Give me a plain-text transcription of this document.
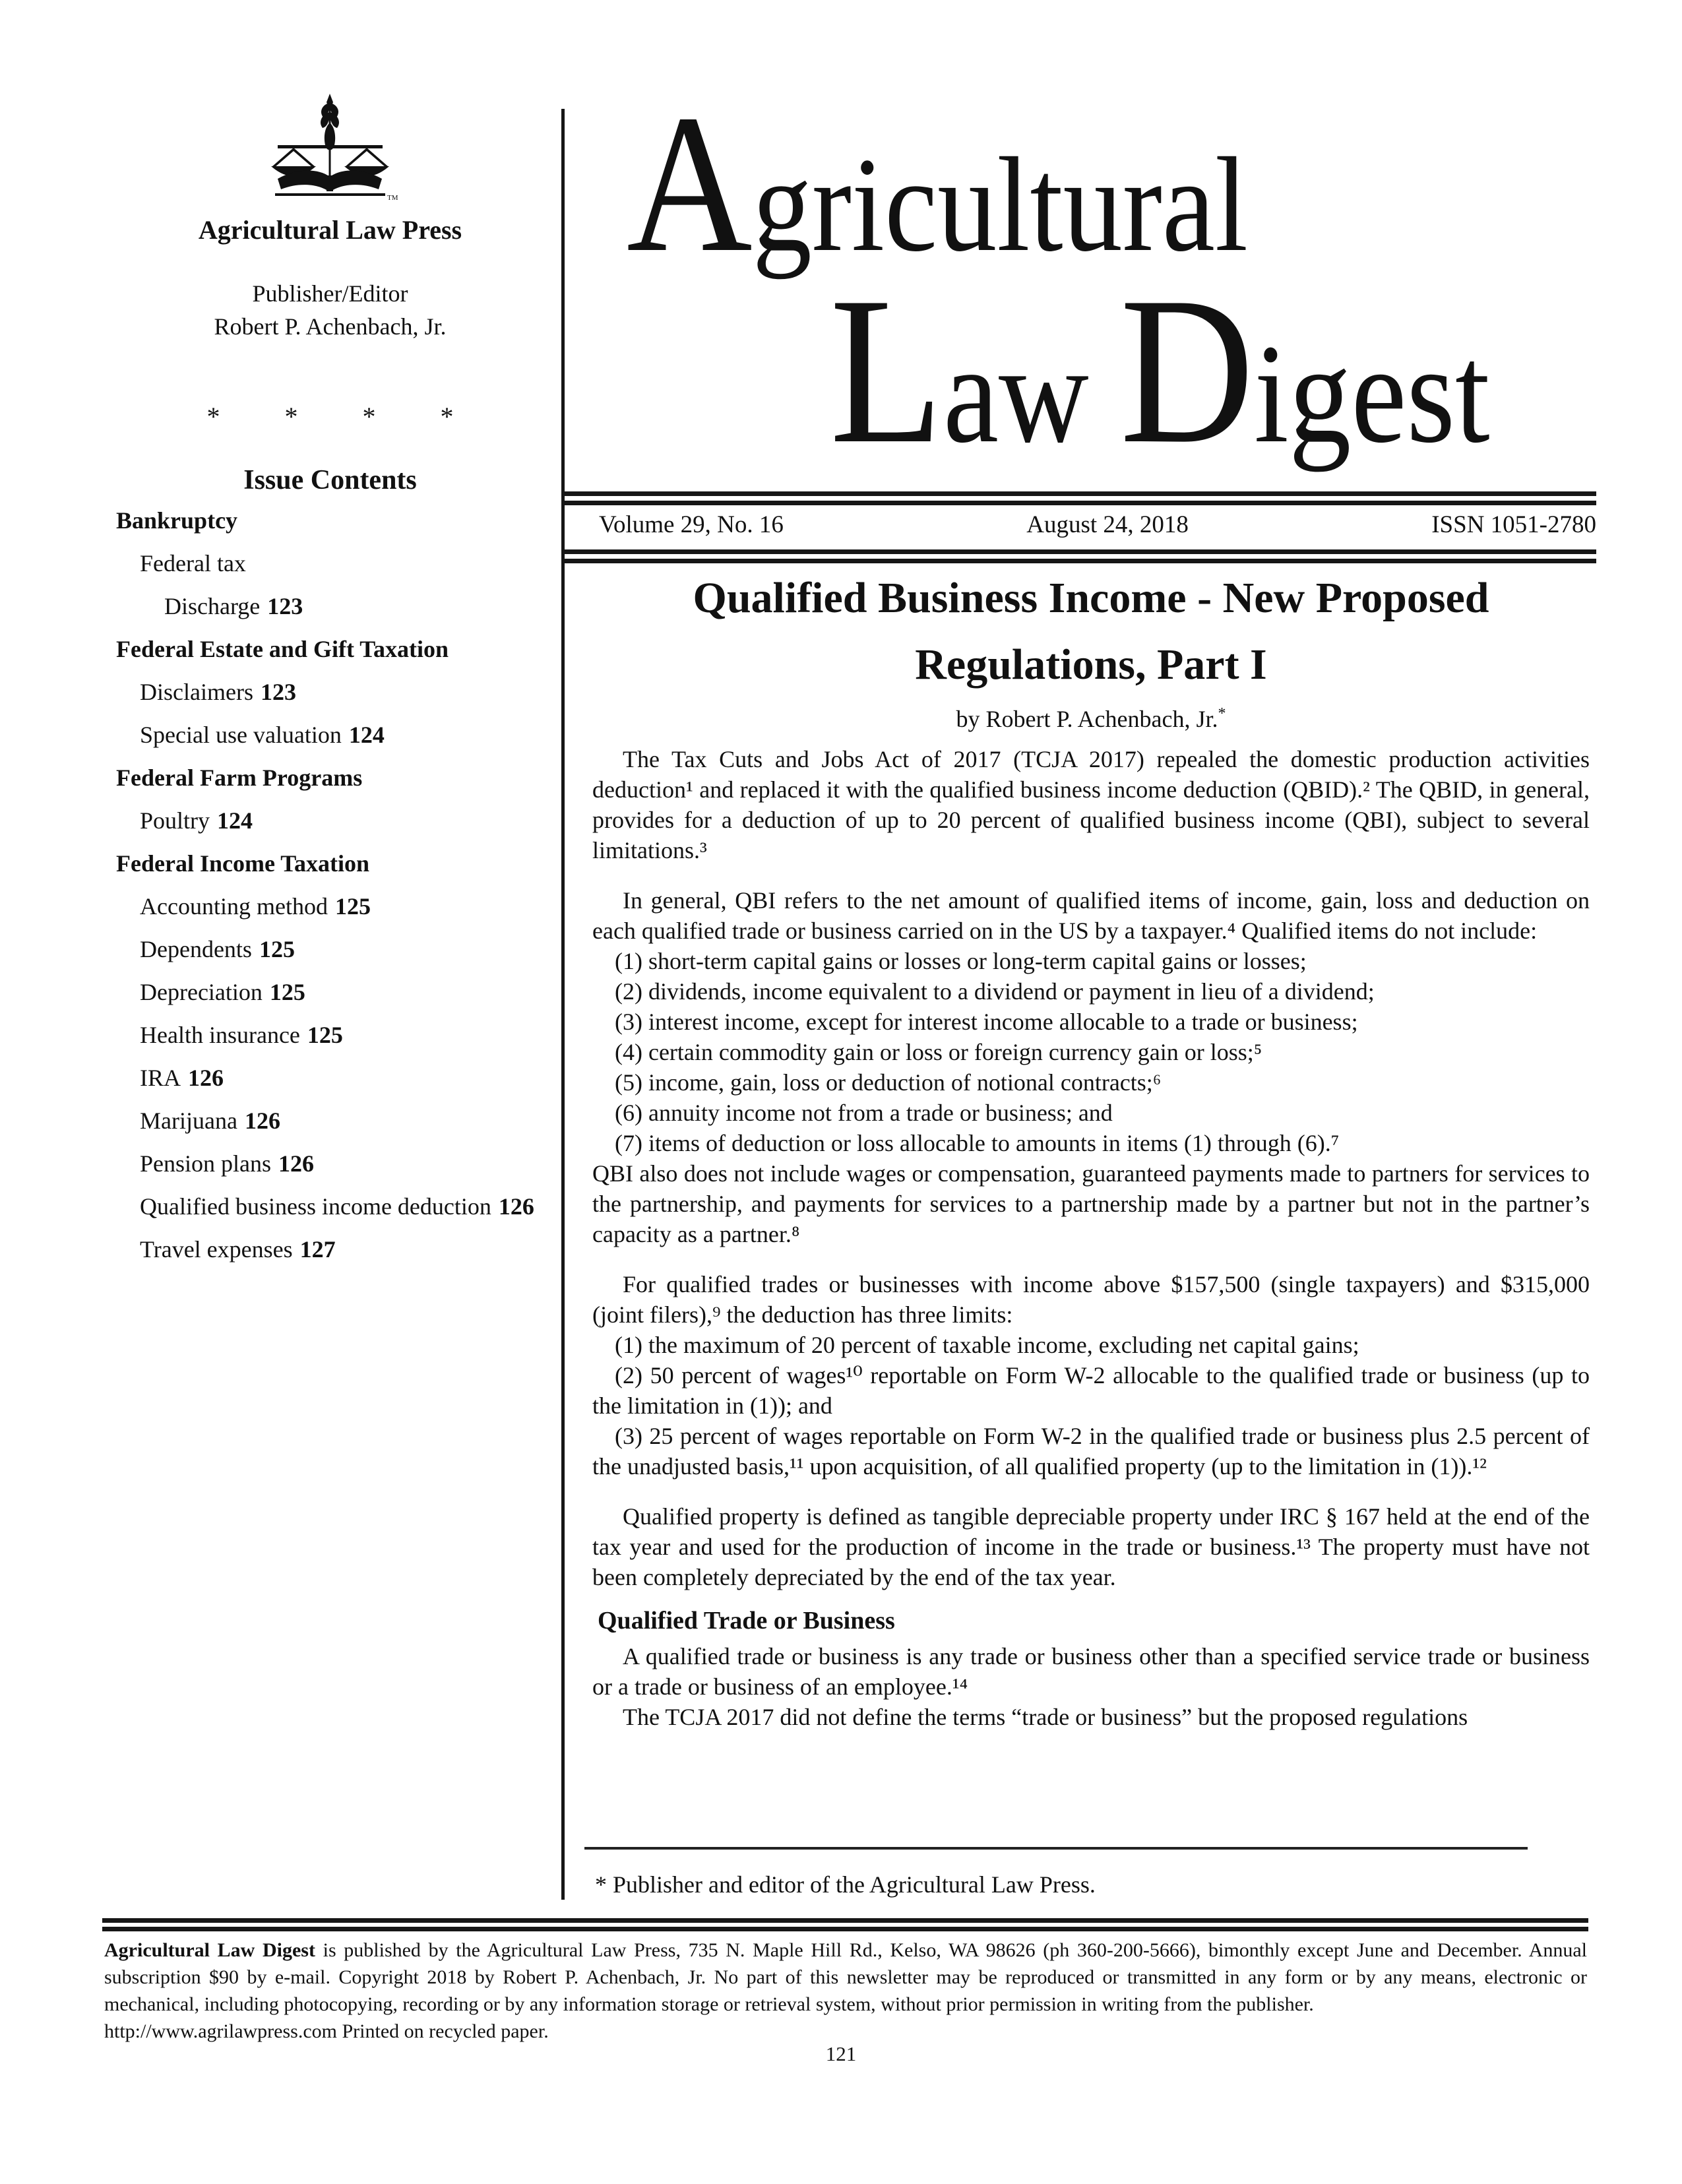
TM
Agricultural Law Press
Publisher/Editor
Robert P. Achenbach, Jr.
* * * *
Issue Contents
Bankruptcy
Federal tax
Discharge 123
Federal Estate and Gift Taxation
Disclaimers 123
Special use valuation 124
Federal Farm Programs
Poultry 124
Federal Income Taxation
Accounting method 125
Dependents 125
Depreciation 125
Health insurance 125
IRA 126
Marijuana 126
Pension plans 126
Qualified business income deduction 126
Travel expenses 127
Agricultural
Law Digest
Volume 29, No. 16	August 24, 2018	ISSN 1051-2780
Qualified Business Income - New Proposed
Regulations, Part I
by Robert P. Achenbach, Jr.*

The Tax Cuts and Jobs Act of 2017 (TCJA 2017) repealed the domestic production activities deduction¹ and replaced it with the qualified business income deduction (QBID).² The QBID, in general, provides for a deduction of up to 20 percent of qualified business income (QBI), subject to several limitations.³

In general, QBI refers to the net amount of qualified items of income, gain, loss and deduction on each qualified trade or business carried on in the US by a taxpayer.⁴ Qualified items do not include:

(1) short-term capital gains or losses or long-term capital gains or losses;

(2) dividends, income equivalent to a dividend or payment in lieu of a dividend;

(3) interest income, except for interest income allocable to a trade or business;

(4) certain commodity gain or loss or foreign currency gain or loss;⁵

(5) income, gain, loss or deduction of notional contracts;⁶

(6) annuity income not from a trade or business; and

(7) items of deduction or loss allocable to amounts in items (1) through (6).⁷

QBI also does not include wages or compensation, guaranteed payments made to partners for services to the partnership, and payments for services to a partnership made by a partner but not in the partner’s capacity as a partner.⁸

For qualified trades or businesses with income above $157,500 (single taxpayers) and $315,000 (joint filers),⁹ the deduction has three limits:

(1) the maximum of 20 percent of taxable income, excluding net capital gains;

(2) 50 percent of wages¹⁰ reportable on Form W-2 allocable to the qualified trade or business (up to the limitation in (1)); and

(3) 25 percent of wages reportable on Form W-2 in the qualified trade or business plus 2.5 percent of the unadjusted basis,¹¹ upon acquisition, of all qualified property (up to the limitation in (1)).¹²

Qualified property is defined as tangible depreciable property under IRC § 167 held at the end of the tax year and used for the production of income in the trade or business.¹³ The property must have not been completely depreciated by the end of the tax year.

Qualified Trade or Business

A qualified trade or business is any trade or business other than a specified service trade or business or a trade or business of an employee.¹⁴

The TCJA 2017 did not define the terms “trade or business” but the proposed regulations

* Publisher and editor of the Agricultural Law Press.

Agricultural Law Digest is published by the Agricultural Law Press, 735 N. Maple Hill Rd., Kelso, WA 98626 (ph 360-200-5666), bimonthly except June and December. Annual subscription $90 by e-mail. Copyright 2018 by Robert P. Achenbach, Jr. No part of this newsletter may be reproduced or transmitted in any form or by any means, electronic or mechanical, including photocopying, recording or by any information storage or retrieval system, without prior permission in writing from the publisher.

http://www.agrilawpress.com Printed on recycled paper.

121
